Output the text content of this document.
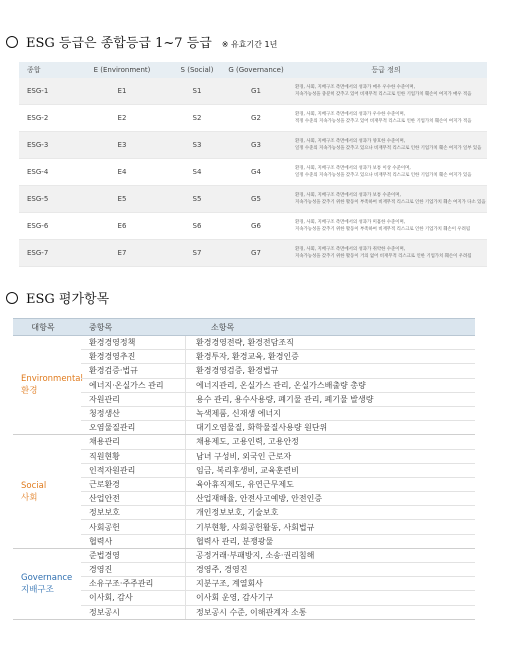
ESG 등급은 종합등급 1~7 등급 ※ 유효기간 1년
종합	E (Environment)	S (Social)	G (Governance)	등급 정의
ESG-1	E1	S1	G1	환경, 사회, 지배구조 측면에서의 성과가 매우 우수한 수준이며,
지속가능성을 충분히 갖추고 있어 비재무적 리스크로 인한 기업가치 훼손이 여지가 매우 적음
ESG-2	E2	S2	G2	환경, 사회, 지배구조 측면에서의 성과가 우수한 수준이며,
적정 수준의 지속가능성을 갖추고 있어 비재무적 리스크로 인한 기업가치 훼손이 여지가 적음
ESG-3	E3	S3	G3	환경, 사회, 지배구조 측면에서의 성과가 양호한 수준이며,
일정 수준의 지속가능성을 갖추고 있으나 비재무적 리스크로 인한 기업가치 훼손 여지가 일부 있음
ESG-4	E4	S4	G4	환경, 사회, 지배구조 측면에서의 성과가 보통 이상 수준이며,
일정 수준의 지속가능성을 갖추고 있으나 비재무적 리스크로 인한 기업가치 훼손 여지가 있음
ESG-5	E5	S5	G5	환경, 사회, 지배구조 측면에서의 성과가 보통 수준이며,
지속가능성을 갖추기 위한 활동이 부족하여 비재무적 리스크로 인한 기업가치 훼손 여지가 다소 있음
ESG-6	E6	S6	G6	환경, 사회, 지배구조 측면에서의 성과가 미흡한 수준이며,
지속가능성을 갖추기 위한 활동이 부족하여 비재무적 리스크로 인한 기업가치 훼손이 우려됨
ESG-7	E7	S7	G7	환경, 사회, 지배구조 측면에서의 성과가 취약한 수준이며,
지속가능성을 갖추기 위한 활동이 거의 없어 비재무적 리스크로 인한 기업가치 훼손이 우려됨
ESG 평가항목
대항목	중항목	소항목
Environmental
환경
환경경영정책	환경경영전략, 환경전담조직
환경경영추진	환경투자, 환경교육, 환경인증
환경검증·법규	환경경영검증, 환경법규
에너지·온실가스 관리	에너지관리, 온실가스 관리, 온실가스배출량 총량
자원관리	용수 관리, 용수사용량, 폐기물 관리, 폐기물 발생량
청정생산	녹색제품, 신재생 에너지
오염물질관리	대기오염물질, 화학물질사용량 원단위
Social
사회
채용관리	채용제도, 고용인력, 고용안정
직원현황	남녀 구성비, 외국인 근로자
인적자원관리	임금, 복리후생비, 교육훈련비
근로환경	육아휴직제도, 유연근무제도
산업안전	산업재해율, 안전사고예방, 안전인증
정보보호	개인정보보호, 기술보호
사회공헌	기부현황, 사회공헌활동, 사회법규
협력사	협력사 관리, 분쟁광물
Governance
지배구조
준법경영	공정거래·부패방지, 소송·권리침해
경영진	경영주, 경영진
소유구조·주주관리	지분구조, 계열회사
이사회, 감사	이사회 운영, 감사기구
정보공시	정보공시 수준, 이해관계자 소통
